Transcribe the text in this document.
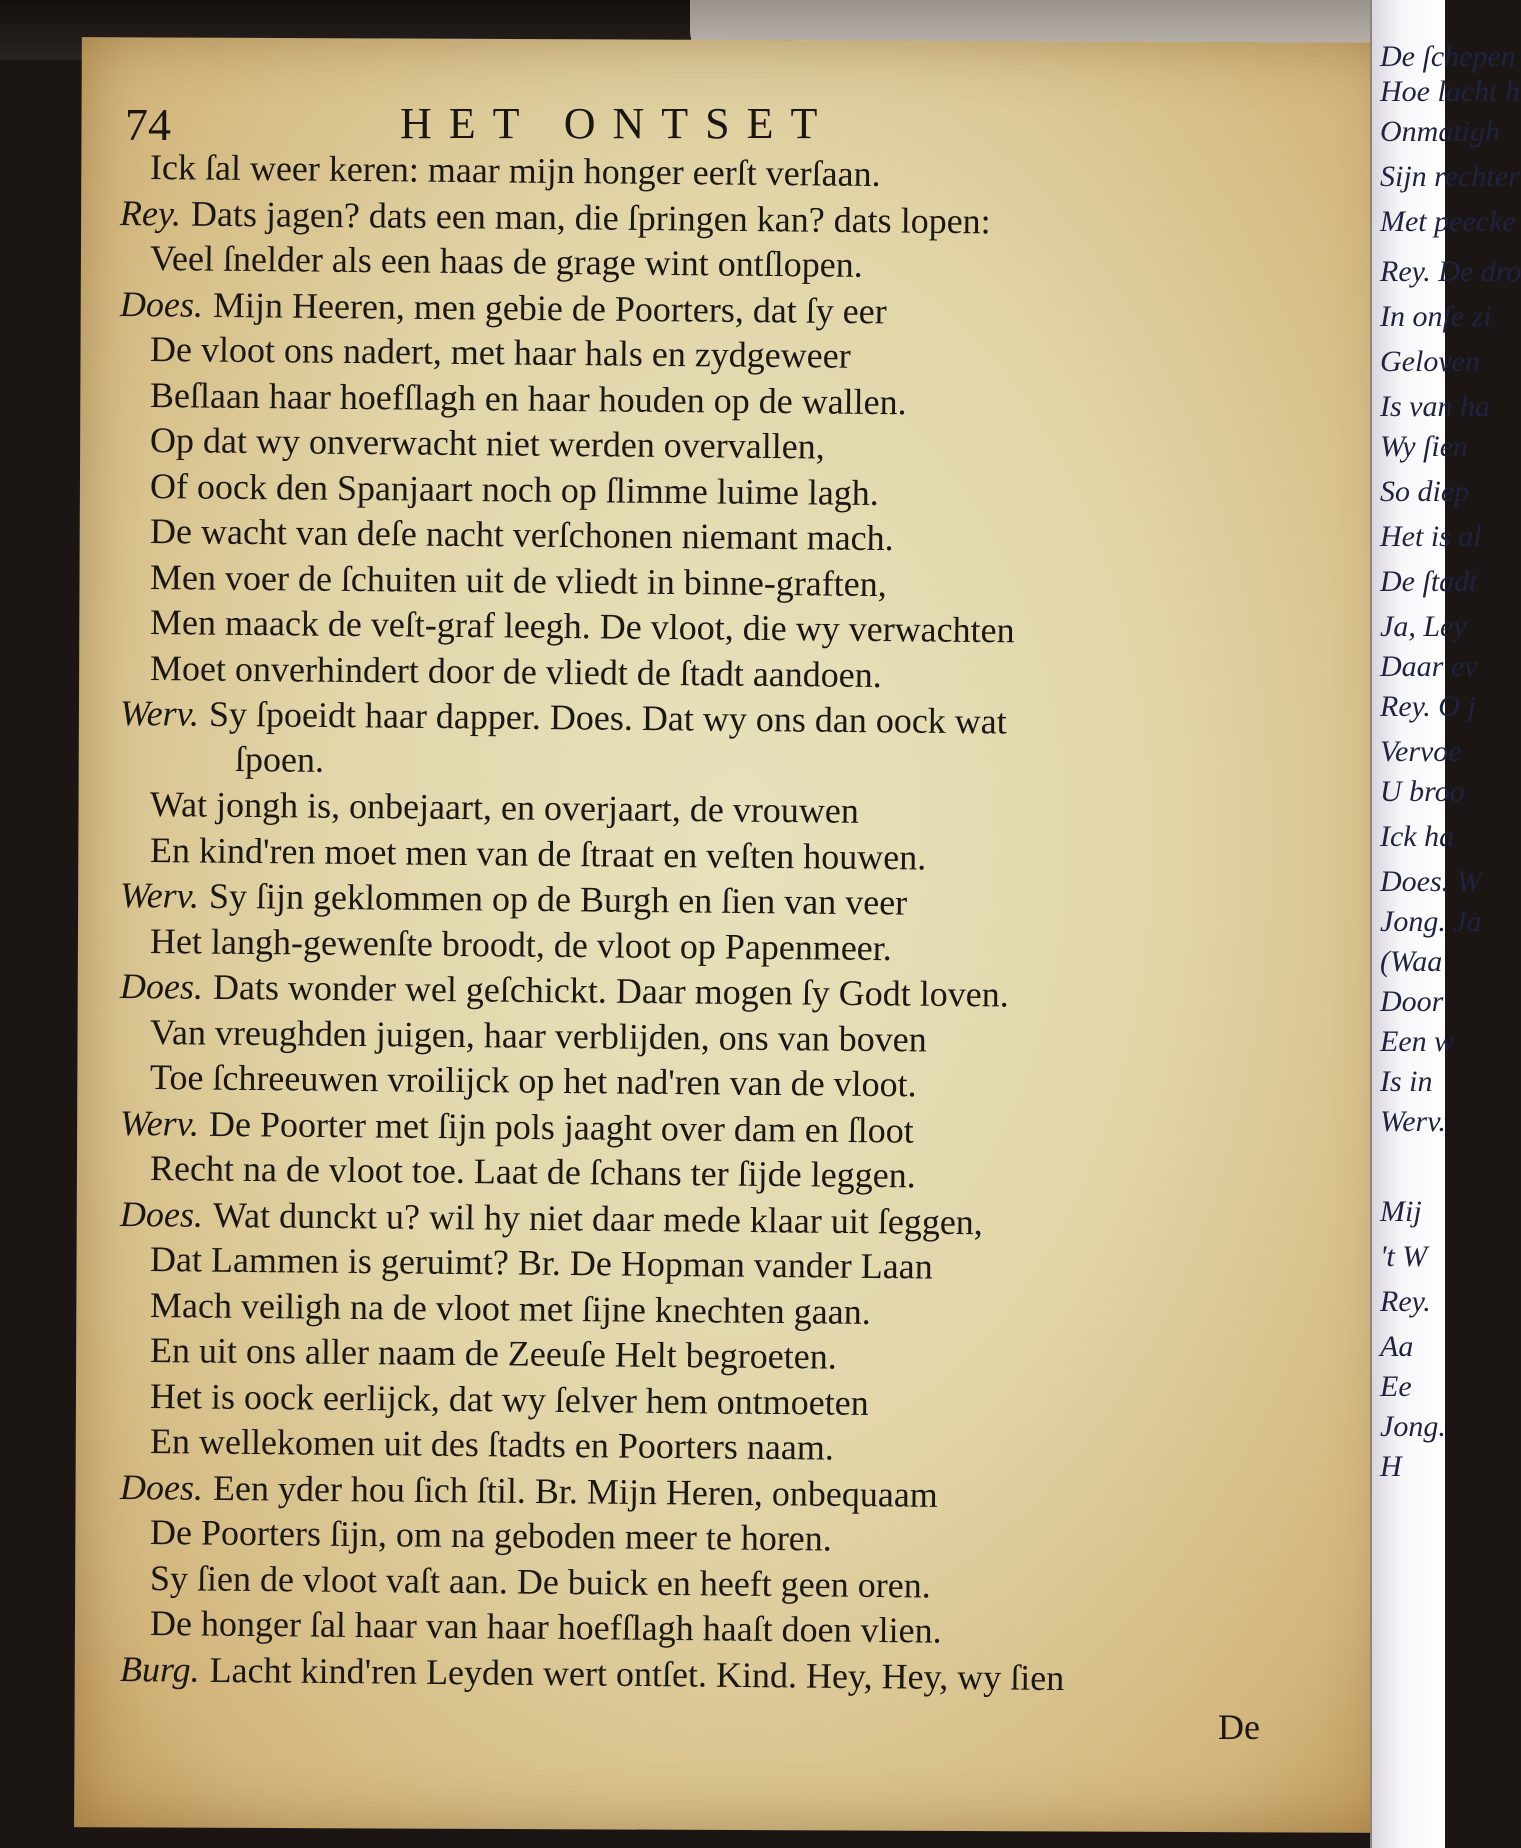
74	HET ONTSET
Ick ſal weer keren: maar mijn honger eerſt verſaan.
Rey. Dats jagen? dats een man, die ſpringen kan? dats lopen:
Veel ſnelder als een haas de grage wint ontſlopen.
Does. Mijn Heeren, men gebie de Poorters, dat ſy eer
De vloot ons nadert, met haar hals en zydgeweer
Beſlaan haar hoefſlagh en haar houden op de wallen.
Op dat wy onverwacht niet werden overvallen,
Of oock den Spanjaart noch op ſlimme luime lagh.
De wacht van deſe nacht verſchonen niemant mach.
Men voer de ſchuiten uit de vliedt in binne-graften,
Men maack de veſt-graf leegh. De vloot, die wy verwachten
Moet onverhindert door de vliedt de ſtadt aandoen.
Werv. Sy ſpoeidt haar dapper. Does. Dat wy ons dan oock wat
ſpoen.
Wat jongh is, onbejaart, en overjaart, de vrouwen
En kind'ren moet men van de ſtraat en veſten houwen.
Werv. Sy ſijn geklommen op de Burgh en ſien van veer
Het langh-gewenſte broodt, de vloot op Papenmeer.
Does. Dats wonder wel geſchickt. Daar mogen ſy Godt loven.
Van vreughden juigen, haar verblijden, ons van boven
Toe ſchreeuwen vroilijck op het nad'ren van de vloot.
Werv. De Poorter met ſijn pols jaaght over dam en ſloot
Recht na de vloot toe. Laat de ſchans ter ſijde leggen.
Does. Wat dunckt u? wil hy niet daar mede klaar uit ſeggen,
Dat Lammen is geruimt? Br. De Hopman vander Laan
Mach veiligh na de vloot met ſijne knechten gaan.
En uit ons aller naam de Zeeuſe Helt begroeten.
Het is oock eerlijck, dat wy ſelver hem ontmoeten
En wellekomen uit des ſtadts en Poorters naam.
Does. Een yder hou ſich ſtil. Br. Mijn Heren, onbequaam
De Poorters ſijn, om na geboden meer te horen.
Sy ſien de vloot vaſt aan. De buick en heeft geen oren.
De honger ſal haar van haar hoefſlagh haaſt doen vlien.
Burg. Lacht kind'ren Leyden wert ontſet. Kind. Hey, Hey, wy ſien
De
De ſchepen
Hoe lacht h
Onmatigh
Sijn rechter
Met peecke
Rey. De dro
In onſe zi
Geloven
Is van ha
Wy ſien
So diep
Het is al
De ſtadt
Ja, Ley
Daar ev
Rey. O j
Vervoe
U broo
Ick ha
Does. W
Jong. Ja
(Waa
Door
Een w
Is in
Werv.
Mij
't W
Rey.
Aa
Ee
Jong.
H
